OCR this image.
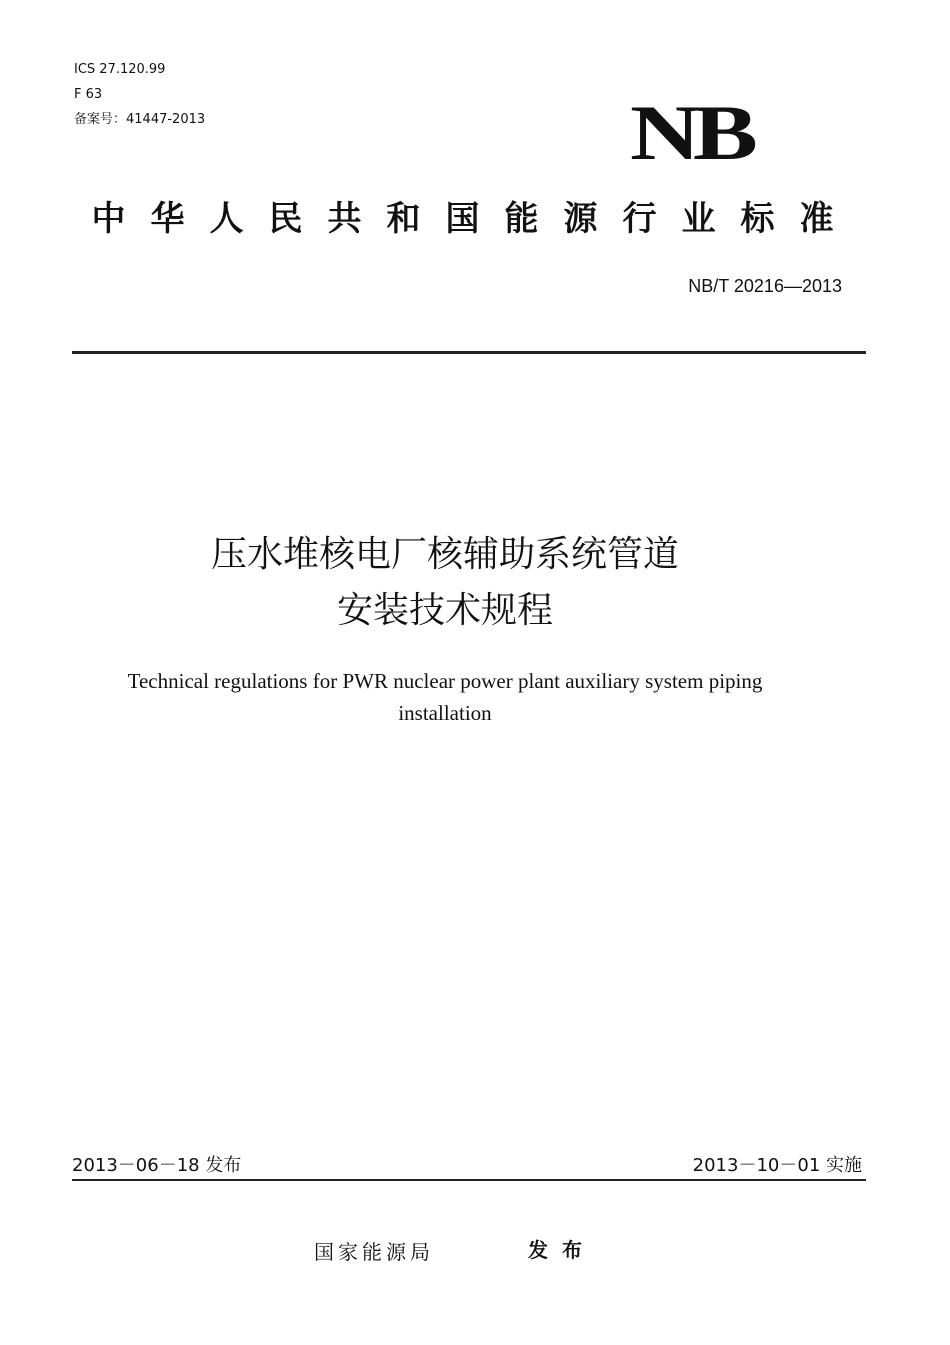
ICS 27.120.99
F 63
备案号：41447-2013	NB
中华人民共和国能源行业标准
NB/T 20216—2013
压水堆核电厂核辅助系统管道
安装技术规程
Technical regulations for PWR nuclear power plant auxiliary system piping
installation
2013－06－18 发布	2013－10－01 实施
国家能源局	发布
